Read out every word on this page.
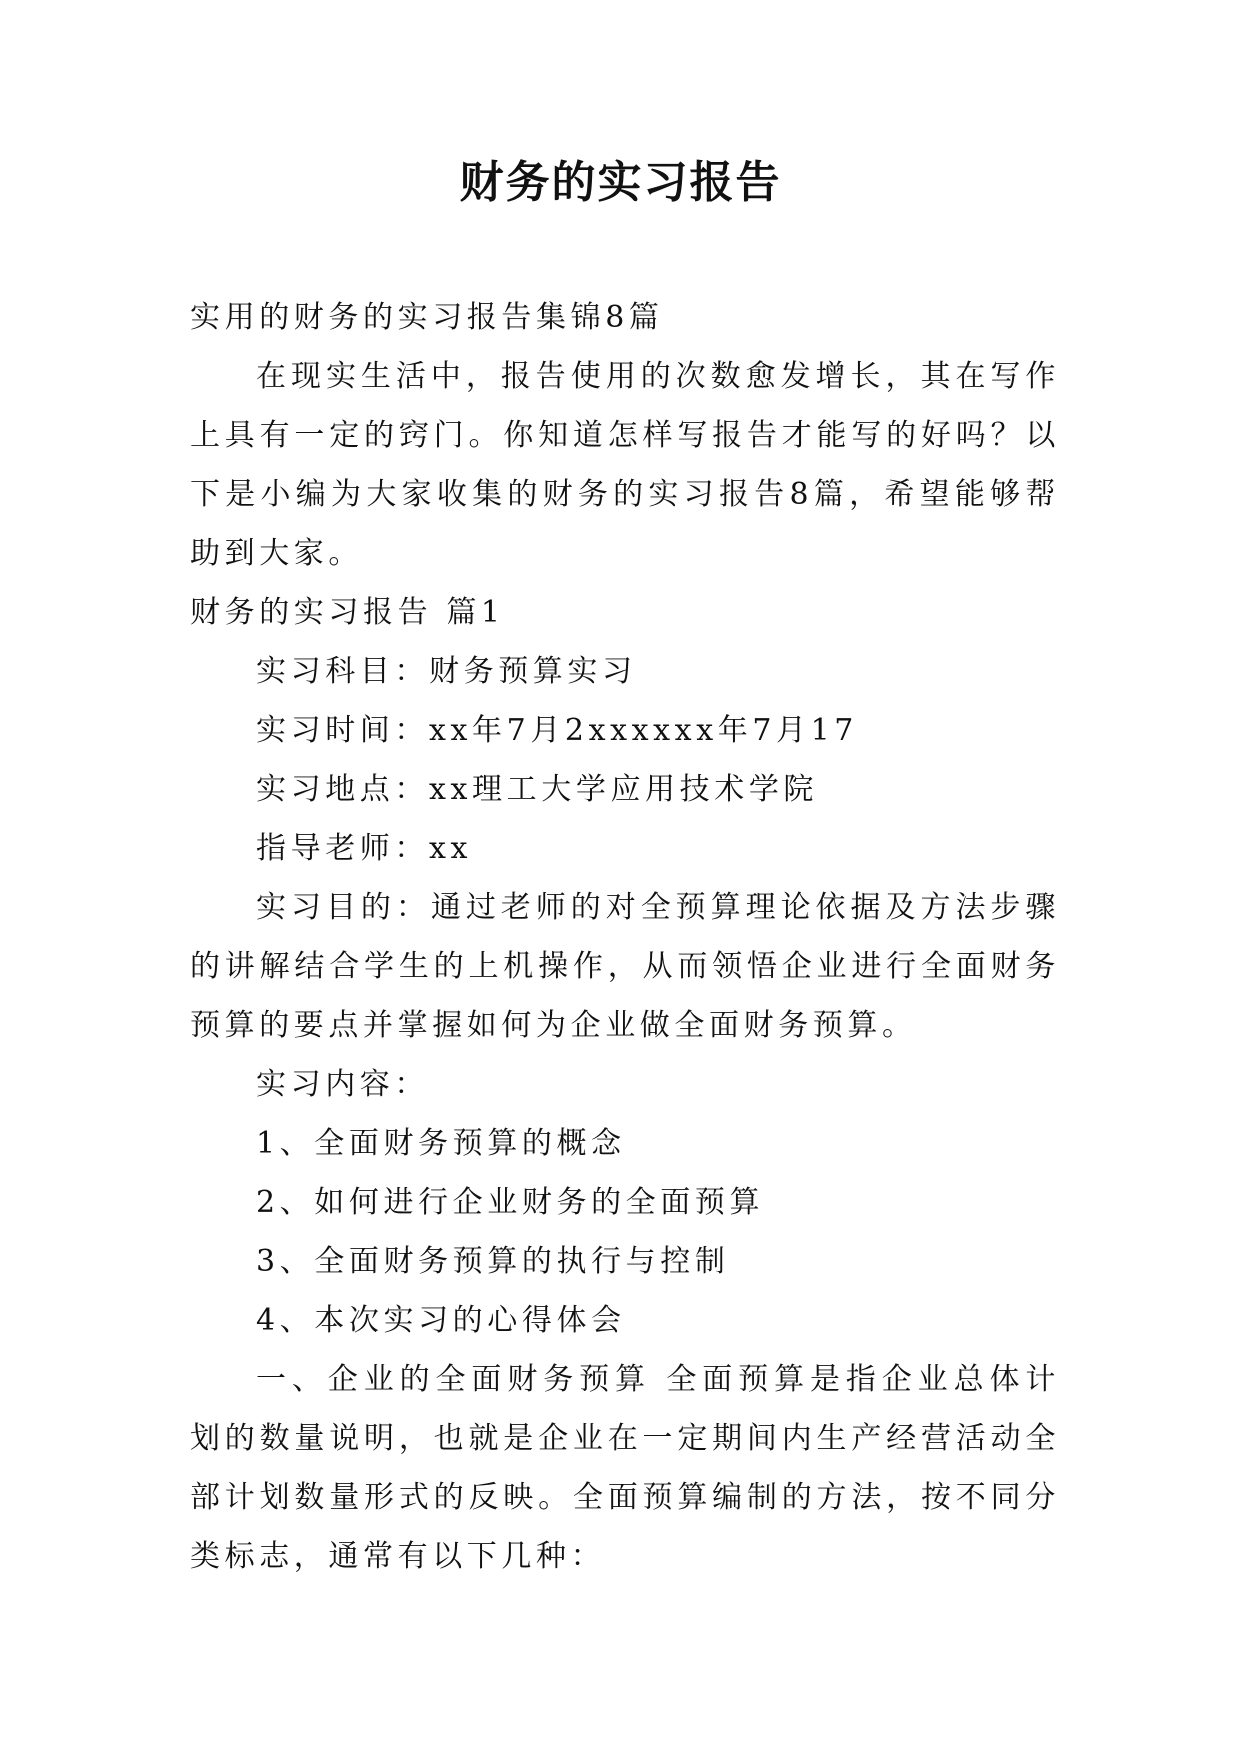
财务的实习报告

实用的财务的实习报告集锦8篇

在现实生活中，报告使用的次数愈发增长，其在写作上具有一定的窍门。你知道怎样写报告才能写的好吗？以下是小编为大家收集的财务的实习报告8篇，希望能够帮助到大家。

财务的实习报告 篇1

实习科目：财务预算实习

实习时间：xx年7月2xxxxxx年7月17

实习地点：xx理工大学应用技术学院

指导老师：xx

实习目的：通过老师的对全预算理论依据及方法步骤的讲解结合学生的上机操作，从而领悟企业进行全面财务预算的要点并掌握如何为企业做全面财务预算。

实习内容：

1、全面财务预算的概念

2、如何进行企业财务的全面预算

3、全面财务预算的执行与控制

4、本次实习的心得体会

一、企业的全面财务预算 全面预算是指企业总体计划的数量说明，也就是企业在一定期间内生产经营活动全部计划数量形式的反映。全面预算编制的方法，按不同分类标志，通常有以下几种：
